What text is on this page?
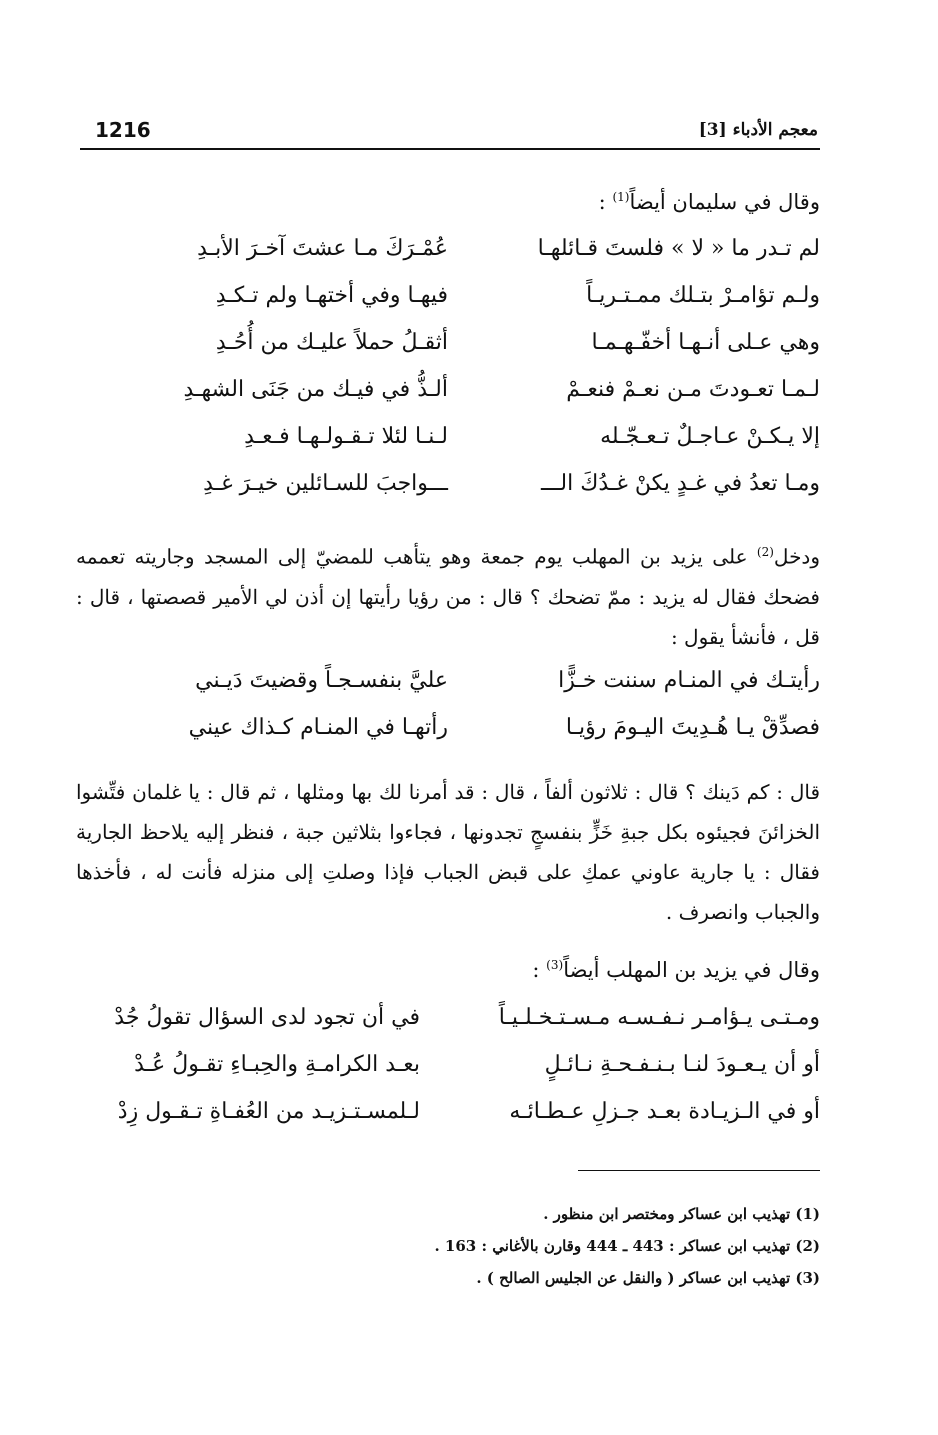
1216	معجم الأدباء [3]
وقال في سليمان أيضاً$^{(1)}$ :
لم تـدر ما « لا » فلستَ قـائلهـا
عُمْـرَكَ مـا عشتَ آخـرَ الأبـدِ
ولـم تؤامـرْ بتـلك ممـتـريـاً
فيهـا وفي أختهـا ولم تـكـدِ
وهي عـلى أنـهـا أخفّـهـمـا
أثقـلُ حملاً عليـك من أُحُـدِ
لـمـا تعـودتَ مـن نعـمْ فنعـمْ
ألـذُّ في فيـك من جَنَى الشهـدِ
إلا يـكـنْ عـاجـلٌ تـعـجّـله
لـنـا لئلا تـقـولـهـا فـعـدِ
ومـا تعدُ في غـدٍ يكنْ غـدُكَ الـــ
ـــواجبَ للسـائلين خيـرَ غـدِ
ودخل$^{(2)}$ على يزيد بن المهلب يوم جمعة وهو يتأهب للمضيّ إلى المسجد وجاريته تعممه فضحك فقال له يزيد : ممّ تضحك ؟ قال : من رؤيا رأيتها إن أذن لي الأمير قصصتها ، قال : قل ، فأنشأ يقول :
رأيتـك في المنـام سننت خـزًّا
عليَّ بنفسـجـاً وقضيتَ دَيـني
فصدِّقْ يـا هُـدِيتَ اليـومَ رؤيـا
رأتهـا في المنـام كـذاك عيني
قال : كم دَينك ؟ قال : ثلاثون ألفاً ، قال : قد أمرنا لك بها ومثلها ، ثم قال : يا غلمان فتِّشوا الخزائنَ فجيئوه بكل جبةِ خَزٍّ بنفسجٍ تجدونها ، فجاءوا بثلاثين جبة ، فنظر إليه يلاحظ الجارية فقال : يا جارية عاوني عمكِ على قبض الجباب فإذا وصلتِ إلى منزله فأنت له ، فأخذها والجباب وانصرف .
وقال في يزيد بن المهلب أيضاً$^{(3)}$ :
ومـتـى يـؤامـر نـفـسـه مـسـتـخـلـيـاً
في أن تجود لدى السؤال تقولُ جُدْ
أو أن يـعـودَ لنـا بـنـفـحـةِ نـائـلٍ
بعـد الكرامـةِ والحِبـاءِ تقـولُ عُـدْ
أو في الـزيـادة بعـد جـزلِ عـطـائـه
لـلمسـتـزيـد من العُفـاةِ تـقـول زِدْ
(1) تهذيب ابن عساكر ومختصر ابن منظور .
(2) تهذيب ابن عساكر : 443 ـ 444 وقارن بالأغاني : 163 .
(3) تهذيب ابن عساكر ( والنقل عن الجليس الصالح ) .
